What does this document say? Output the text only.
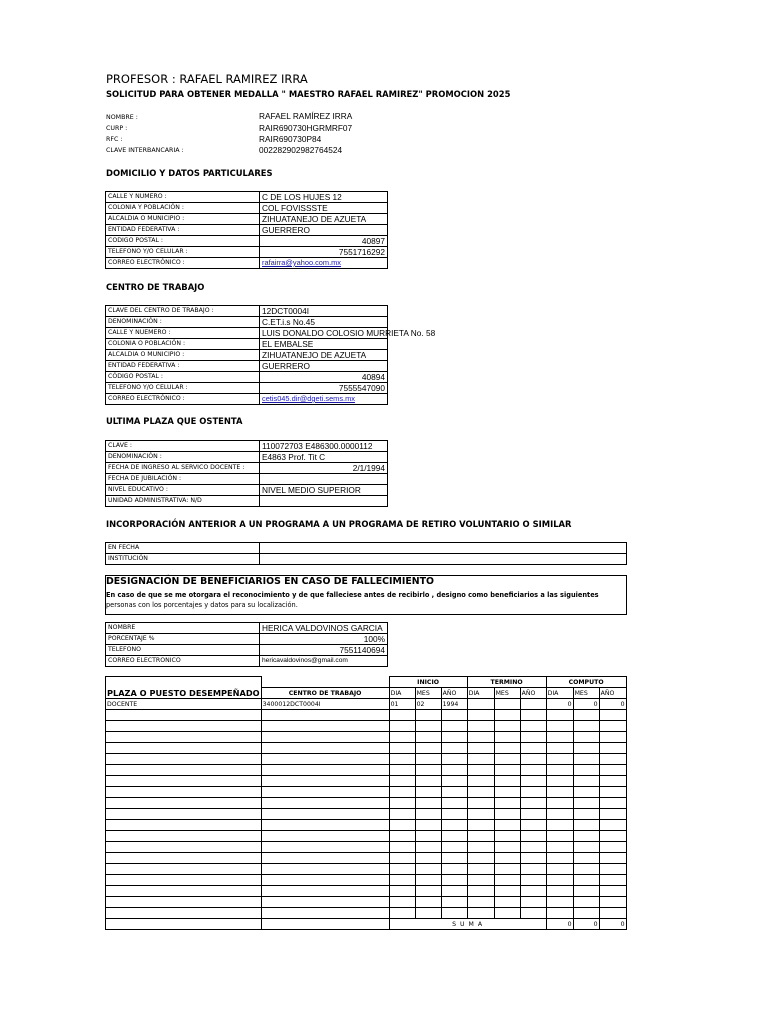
PROFESOR : RAFAEL RAMIREZ IRRA
SOLICITUD PARA OBTENER MEDALLA " MAESTRO RAFAEL RAMIREZ" PROMOCION 2025
NOMBRE :	RAFAEL RAMÍREZ IRRA
CURP :	RAIR690730HGRMRF07
RFC :	RAIR690730P84
CLAVE INTERBANCARIA :	002282902982764524
DOMICILIO Y DATOS PARTICULARES
CALLE Y NUMERO :	C DE LOS HUJES 12
COLONIA Y POBLACIÓN :	COL FOVISSSTE
ALCALDIA O MUNICIPIO :	ZIHUATANEJO DE AZUETA
ENTIDAD FEDERATIVA :	GUERRERO
CODIGO POSTAL :	40897
TELEFONO Y/O CELULAR :	7551716292
CORREO ELECTRÓNICO :	rafairra@yahoo.com.mx
CENTRO DE TRABAJO
CLAVE DEL CENTRO DE TRABAJO :	12DCT0004I
DENOMINACIÓN :	C.ET.i.s No.45
CALLE Y NUEMERO :	LUIS DONALDO COLOSIO MURRIETA No. 58
COLONIA O POBLACIÓN :	EL EMBALSE
ALCALDIA O MUNICIPIO :	ZIHUATANEJO DE AZUETA
ENTIDAD FEDERATIVA :	GUERRERO
CÓDIGO POSTAL :	40894
TELEFONO Y/O CELULAR :	7555547090
CORREO ELECTRÓNICO :	cetis045.dir@dgeti.sems.mx
ULTIMA PLAZA QUE OSTENTA
CLAVE :	110072703 E486300.0000112
DENOMINACIÓN :	E4863 Prof. Tit C
FECHA DE INGRESO AL SERVICO DOCENTE :	2/1/1994
FECHA DE JUBILACIÓN :	
NIVEL EDUCATIVO :	NIVEL MEDIO SUPERIOR
UNIDAD ADMINISTRATIVA: N/D	
INCORPORACIÓN ANTERIOR A UN PROGRAMA A UN PROGRAMA DE RETIRO VOLUNTARIO O SIMILAR
EN FECHA	
INSTITUCIÓN	
DESIGNACIÓN DE BENEFICIARIOS EN CASO DE FALLECIMIENTO
En caso de que se me otorgara el reconocimiento y de que falleciese antes de recibirlo , designo como beneficiarios a las siguientes
personas con los porcentajes y datos para su localización.
NOMBRE	HERICA VALDOVINOS GARCIA
PORCENTAJE %	100%
TELEFONO	7551140694
CORREO ELECTRONICO	hericavaldovinos@gmail.com
PLAZA O PUESTO DESEMPEÑADO		INICIO			TERMINO			COMPUTO		
	CENTRO DE TRABAJO	DIA	MES	AÑO	DIA	MES	AÑO	DIA	MES	AÑO
DOCENTE	3400012DCT0004I	01	02	1994				0	0	0

		S U M A						0	0	0
